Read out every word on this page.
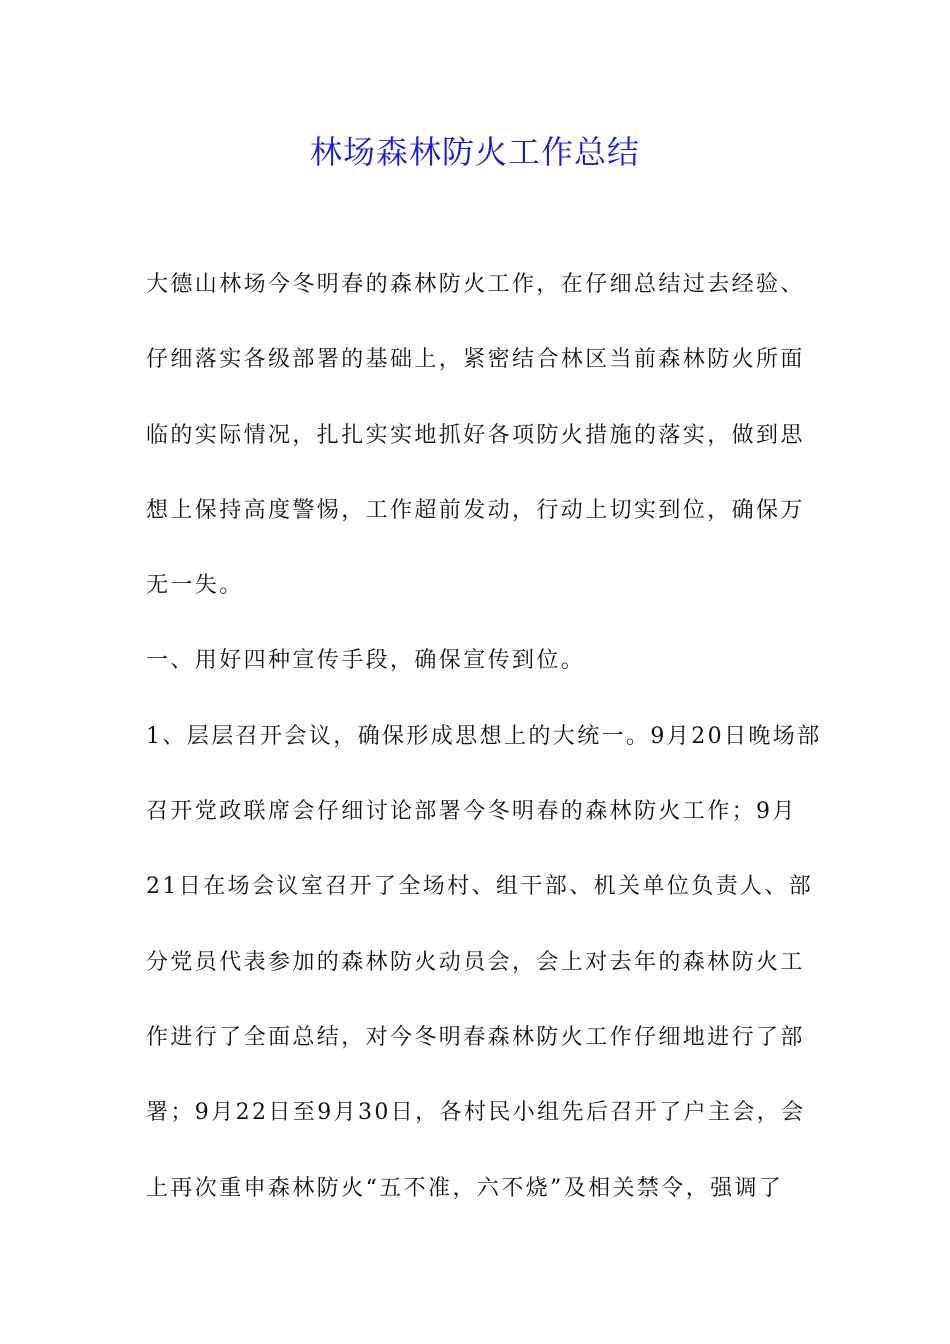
林场森林防火工作总结
大德山林场今冬明春的森林防火工作，在仔细总结过去经验、
仔细落实各级部署的基础上，紧密结合林区当前森林防火所面
临的实际情况，扎扎实实地抓好各项防火措施的落实，做到思
想上保持高度警惕，工作超前发动，行动上切实到位，确保万
无一失。
一、用好四种宣传手段，确保宣传到位。
1、层层召开会议，确保形成思想上的大统一。9月20日晚场部
召开党政联席会仔细讨论部署今冬明春的森林防火工作；9月
21日在场会议室召开了全场村、组干部、机关单位负责人、部
分党员代表参加的森林防火动员会，会上对去年的森林防火工
作进行了全面总结，对今冬明春森林防火工作仔细地进行了部
署；9月22日至9月30日，各村民小组先后召开了户主会，会
上再次重申森林防火“五不准，六不烧”及相关禁令，强调了
